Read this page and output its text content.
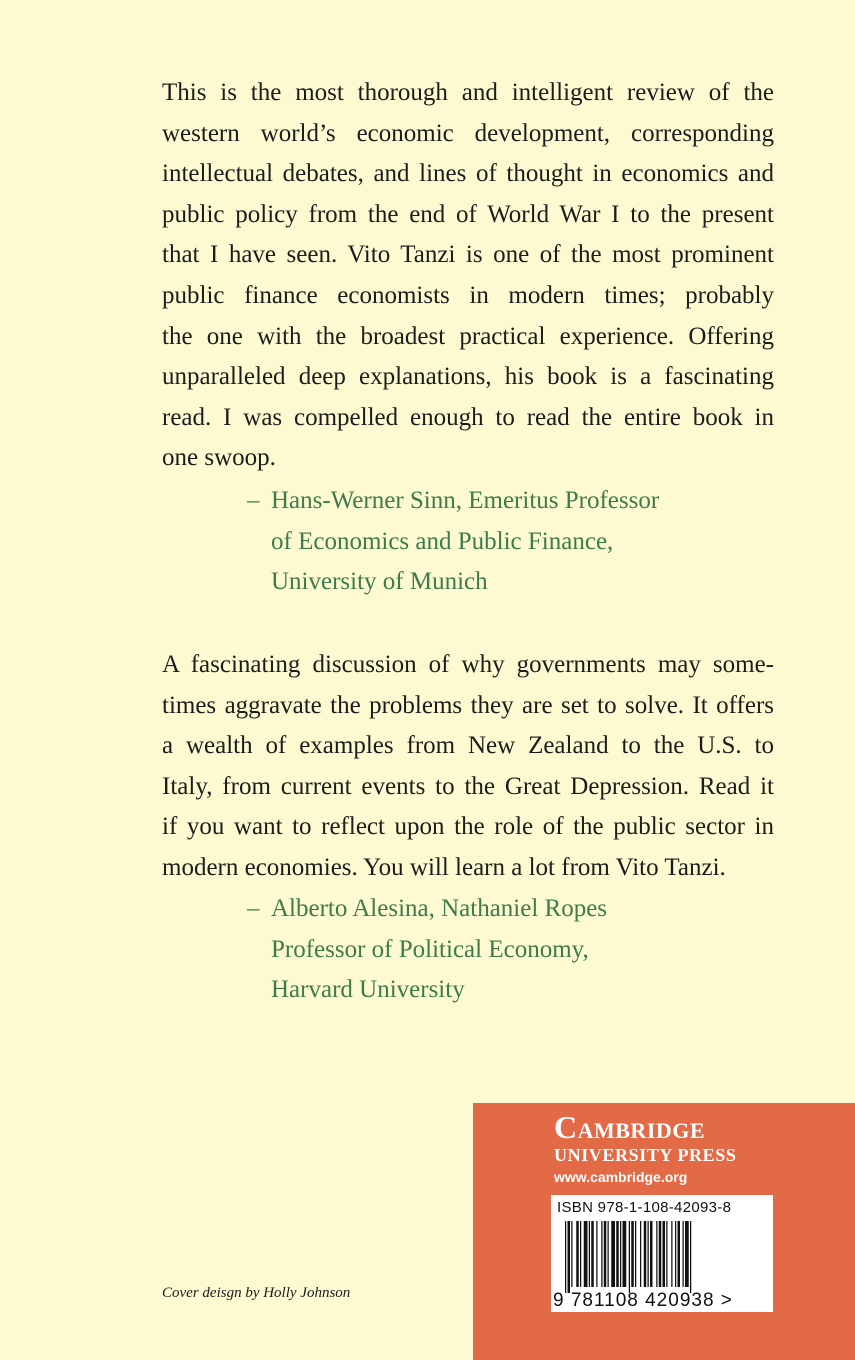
This is the most thorough and intelligent review of the
western world’s economic development, corresponding
intellectual debates, and lines of thought in economics and
public policy from the end of World War I to the present
that I have seen. Vito Tanzi is one of the most prominent
public finance economists in modern times; probably
the one with the broadest practical experience. Offering
unparalleled deep explanations, his book is a fascinating
read. I was compelled enough to read the entire book in
one swoop.
– Hans-Werner Sinn, Emeritus Professor
of Economics and Public Finance,
University of Munich
A fascinating discussion of why governments may some-
times aggravate the problems they are set to solve. It offers
a wealth of examples from New Zealand to the U.S. to
Italy, from current events to the Great Depression. Read it
if you want to reflect upon the role of the public sector in
modern economies. You will learn a lot from Vito Tanzi.
– Alberto Alesina, Nathaniel Ropes
Professor of Political Economy,
Harvard University
Cover deisgn by Holly Johnson
Cambridge
UNIVERSITY PRESS
www.cambridge.org
ISBN 978-1-108-42093-8
9 781108 420938 >
